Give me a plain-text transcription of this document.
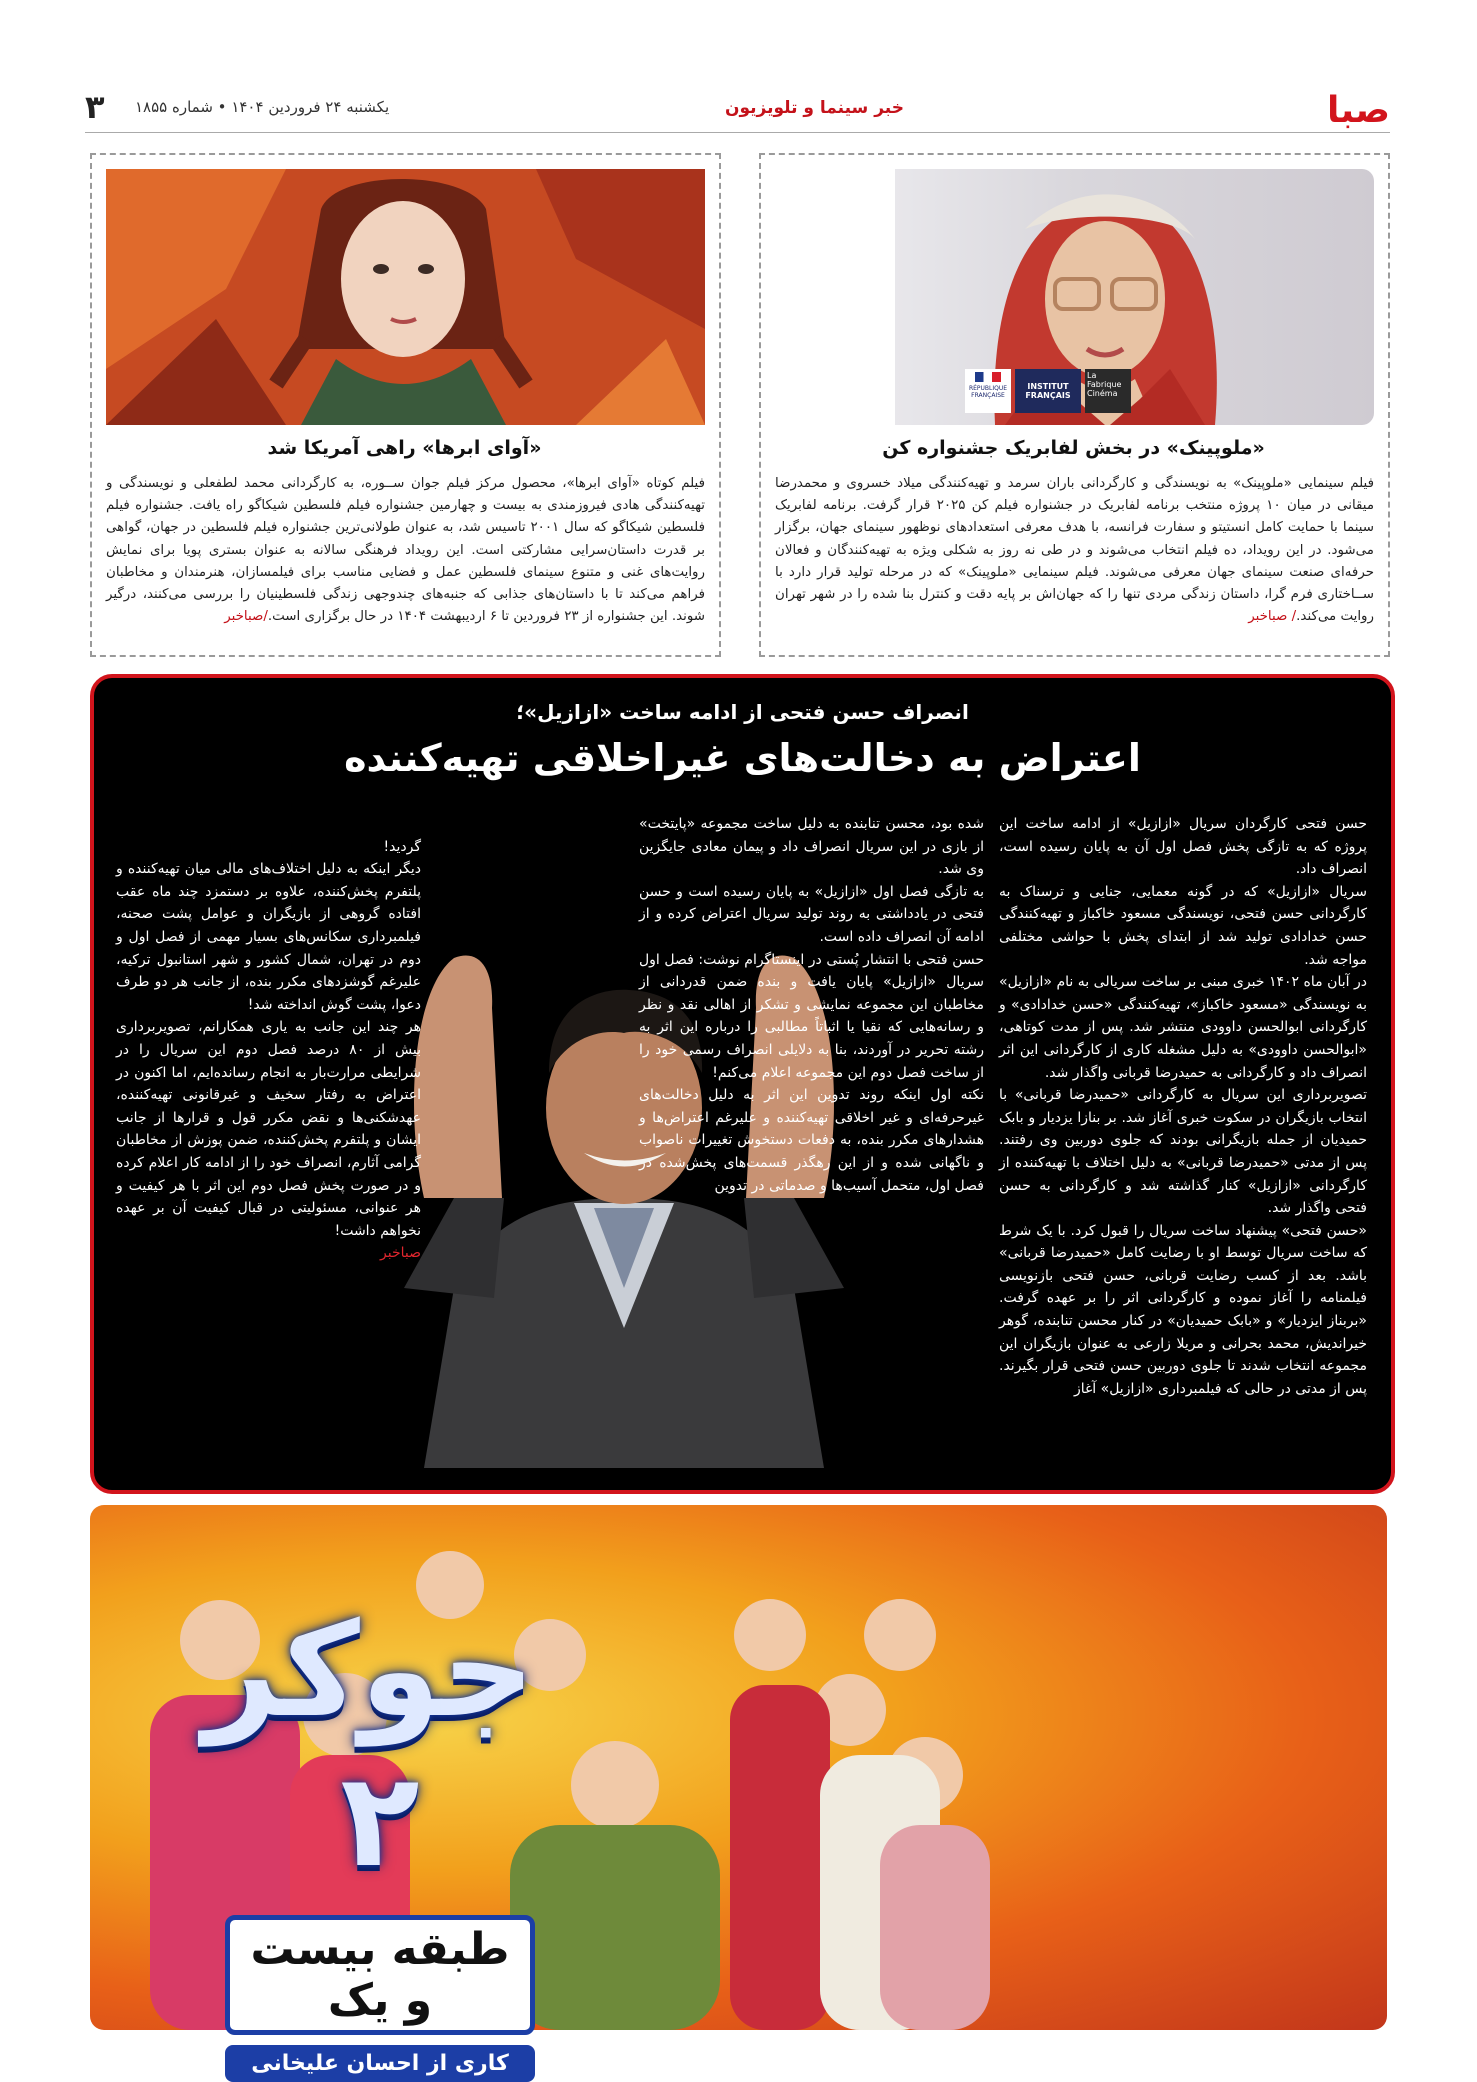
صبا
خبر سینما و تلویزیون
یکشنبه ۲۴ فروردین ۱۴۰۴ • شماره ۱۸۵۵
۳
RÉPUBLIQUE FRANÇAISE
INSTITUT FRANÇAIS
La Fabrique Cinéma
«ملوپینک» در بخش لفابریک جشنواره کن

فیلم سینمایی «ملوپینک» به نویسندگی و کارگردانی باران سرمد و تهیه‌کنندگی میلاد خسروی و محمدرضا میقانی در میان ۱۰ پروژه منتخب برنامه لفابریک در جشنواره فیلم کن ۲۰۲۵ قرار گرفت. برنامه لفابریک سینما با حمایت کامل انستیتو و سفارت فرانسه، با هدف معرفی استعدادهای نوظهور سینمای جهان، برگزار می‌شود. در این رویداد، ده فیلم انتخاب می‌شوند و در طی نه روز به شکلی ویژه به تهیه‌کنندگان و فعالان حرفه‌ای صنعت سینمای جهان معرفی می‌شوند. فیلم سینمایی «ملوپینک» که در مرحله تولید قرار دارد با ســاختاری فرم گرا، داستان زندگی مردی تنها را که جهان‌اش بر پایه دقت و کنترل بنا شده را در شهر تهران روایت می‌کند./ صباخبر

«آوای ابرها» راهی آمریکا شد

فیلم کوتاه «آوای ابرها»، محصول مرکز فیلم جوان ســوره، به کارگردانی محمد لطفعلی و نویسندگی و تهیه‌کنندگی هادی فیروزمندی به بیست و چهارمین جشنواره فیلم فلسطین شیکاگو راه یافت. جشنواره فیلم فلسطین شیکاگو که سال ۲۰۰۱ تاسیس شد، به عنوان طولانی‌ترین جشنواره فیلم فلسطین در جهان، گواهی بر قدرت داستان‌سرایی مشارکتی است. این رویداد فرهنگی سالانه به عنوان بستری پویا برای نمایش روایت‌های غنی و متنوع سینمای فلسطین عمل و فضایی مناسب برای فیلمسازان، هنرمندان و مخاطبان فراهم می‌کند تا با داستان‌های جذابی که جنبه‌های چندوجهی زندگی فلسطینیان را بررسی می‌کنند، درگیر شوند. این جشنواره از ۲۳ فروردین تا ۶ اردیبهشت ۱۴۰۴ در حال برگزاری است./صباخبر

انصراف حسن فتحی از ادامه ساخت «ازازیل»؛
اعتراض به دخالت‌های غیراخلاقی تهیه‌کننده
حسن فتحی کارگردان سریال «ازازیل» از ادامه ساخت این پروژه که به تازگی پخش فصل اول آن به پایان رسیده است، انصراف داد.
سریال «ازازیل» که در گونه معمایی، جنایی و ترسناک به کارگردانی حسن فتحی، نویسندگی مسعود خاکباز و تهیه‌کنندگی حسن خدادادی تولید شد از ابتدای پخش با حواشی مختلفی مواجه شد.
در آبان ماه ۱۴۰۲ خبری مبنی بر ساخت سریالی به نام «ازازیل» به نویسندگی «مسعود خاکباز»، تهیه‌کنندگی «حسن خدادادی» و کارگردانی ابوالحسن داوودی منتشر شد. پس از مدت کوتاهی، «ابوالحسن داوودی» به دلیل مشغله کاری از کارگردانی این اثر انصراف داد و کارگردانی به حمیدرضا قربانی واگذار شد.
تصویربرداری این سریال به کارگردانی «حمیدرضا قربانی» با انتخاب بازیگران در سکوت خبری آغاز شد. بر بنازا یزدیار و بابک حمیدیان از جمله بازیگرانی بودند که جلوی دوربین وی رفتند. پس از مدتی «حمیدرضا قربانی» به دلیل اختلاف با تهیه‌کننده از کارگردانی «ازازیل» کنار گذاشته شد و کارگردانی به حسن فتحی واگذار شد.
«حسن فتحی» پیشنهاد ساخت سریال را قبول کرد. با یک شرط که ساخت سریال توسط او با رضایت کامل «حمیدرضا قربانی» باشد. بعد از کسب رضایت قربانی، حسن فتحی بازنویسی فیلمنامه را آغاز نموده و کارگردانی اثر را بر عهده گرفت. «بربناز ایزدیار» و «بابک حمیدیان» در کنار محسن تنابنده، گوهر خیراندیش، محمد بحرانی و مریلا زارعی به عنوان بازیگران این مجموعه انتخاب شدند تا جلوی دوربین حسن فتحی قرار بگیرند. پس از مدتی در حالی که فیلمبرداری «ازازیل» آغاز
شده بود، محسن تنابنده به دلیل ساخت مجموعه «پایتخت» از بازی در این سریال انصراف داد و پیمان معادی جایگزین وی شد.
به تازگی فصل اول «ازازیل» به پایان رسیده است و حسن فتحی در یادداشتی به روند تولید سریال اعتراض کرده و از ادامه آن انصراف داده است.
حسن فتحی با انتشار پُستی در اینستاگرام نوشت: فصل اول سریال «ازازیل» پایان یافت و بنده ضمن قدردانی از مخاطبان این مجموعه نمایشی و تشکر از اهالی نقد و نظر و رسانه‌هایی که نقیا یا اثباتاً مطالبی را درباره این اثر به رشته تحریر در آوردند، بنا به دلایلی انصراف رسمی خود را از ساخت فصل دوم این مجموعه اعلام می‌کنم!
نکته اول اینکه روند تدوین این اثر به دلیل دخالت‌های غیرحرفه‌ای و غیر اخلاقی تهیه‌کننده و علیرغم اعتراض‌ها و هشدارهای مکرر بنده، به دفعات دستخوش تغییرات ناصواب و ناگهانی شده و از این رهگذر قسمت‌های پخش‌شده در فصل اول، متحمل آسیب‌ها و صدماتی در تدوین

گردید!
دیگر اینکه به دلیل اختلاف‌های مالی میان تهیه‌کننده و پلتفرم پخش‌کننده، علاوه بر دستمزد چند ماه عقب افتاده گروهی از بازیگران و عوامل پشت صحنه، فیلمبرداری سکانس‌های بسیار مهمی از فصل اول و دوم در تهران، شمال کشور و شهر استانبول ترکیه، علیرغم گوشزدهای مکرر بنده، از جانب هر دو طرف دعوا، پشت گوش انداخته شد!
هر چند این جانب به یاری همکارانم، تصویربرداری بیش از ۸۰ درصد فصل دوم این سریال را در شرایطی مرارت‌بار به انجام رسانده‌ایم، اما اکنون در اعتراض به رفتار سخیف و غیرقانونی تهیه‌کننده، عهدشکنی‌ها و نقض مکرر قول و قرارها از جانب ایشان و پلتفرم پخش‌کننده، ضمن پوزش از مخاطبان گرامی آثارم، انصراف خود را از ادامه کار اعلام کرده و در صورت پخش فصل دوم این اثر با هر کیفیت و هر عنوانی، مسئولیتی در قبال کیفیت آن بر عهده نخواهم داشت!

صباخبر

جوکر ۲
طبقه بیست و یک
کاری از احسان علیخانی
